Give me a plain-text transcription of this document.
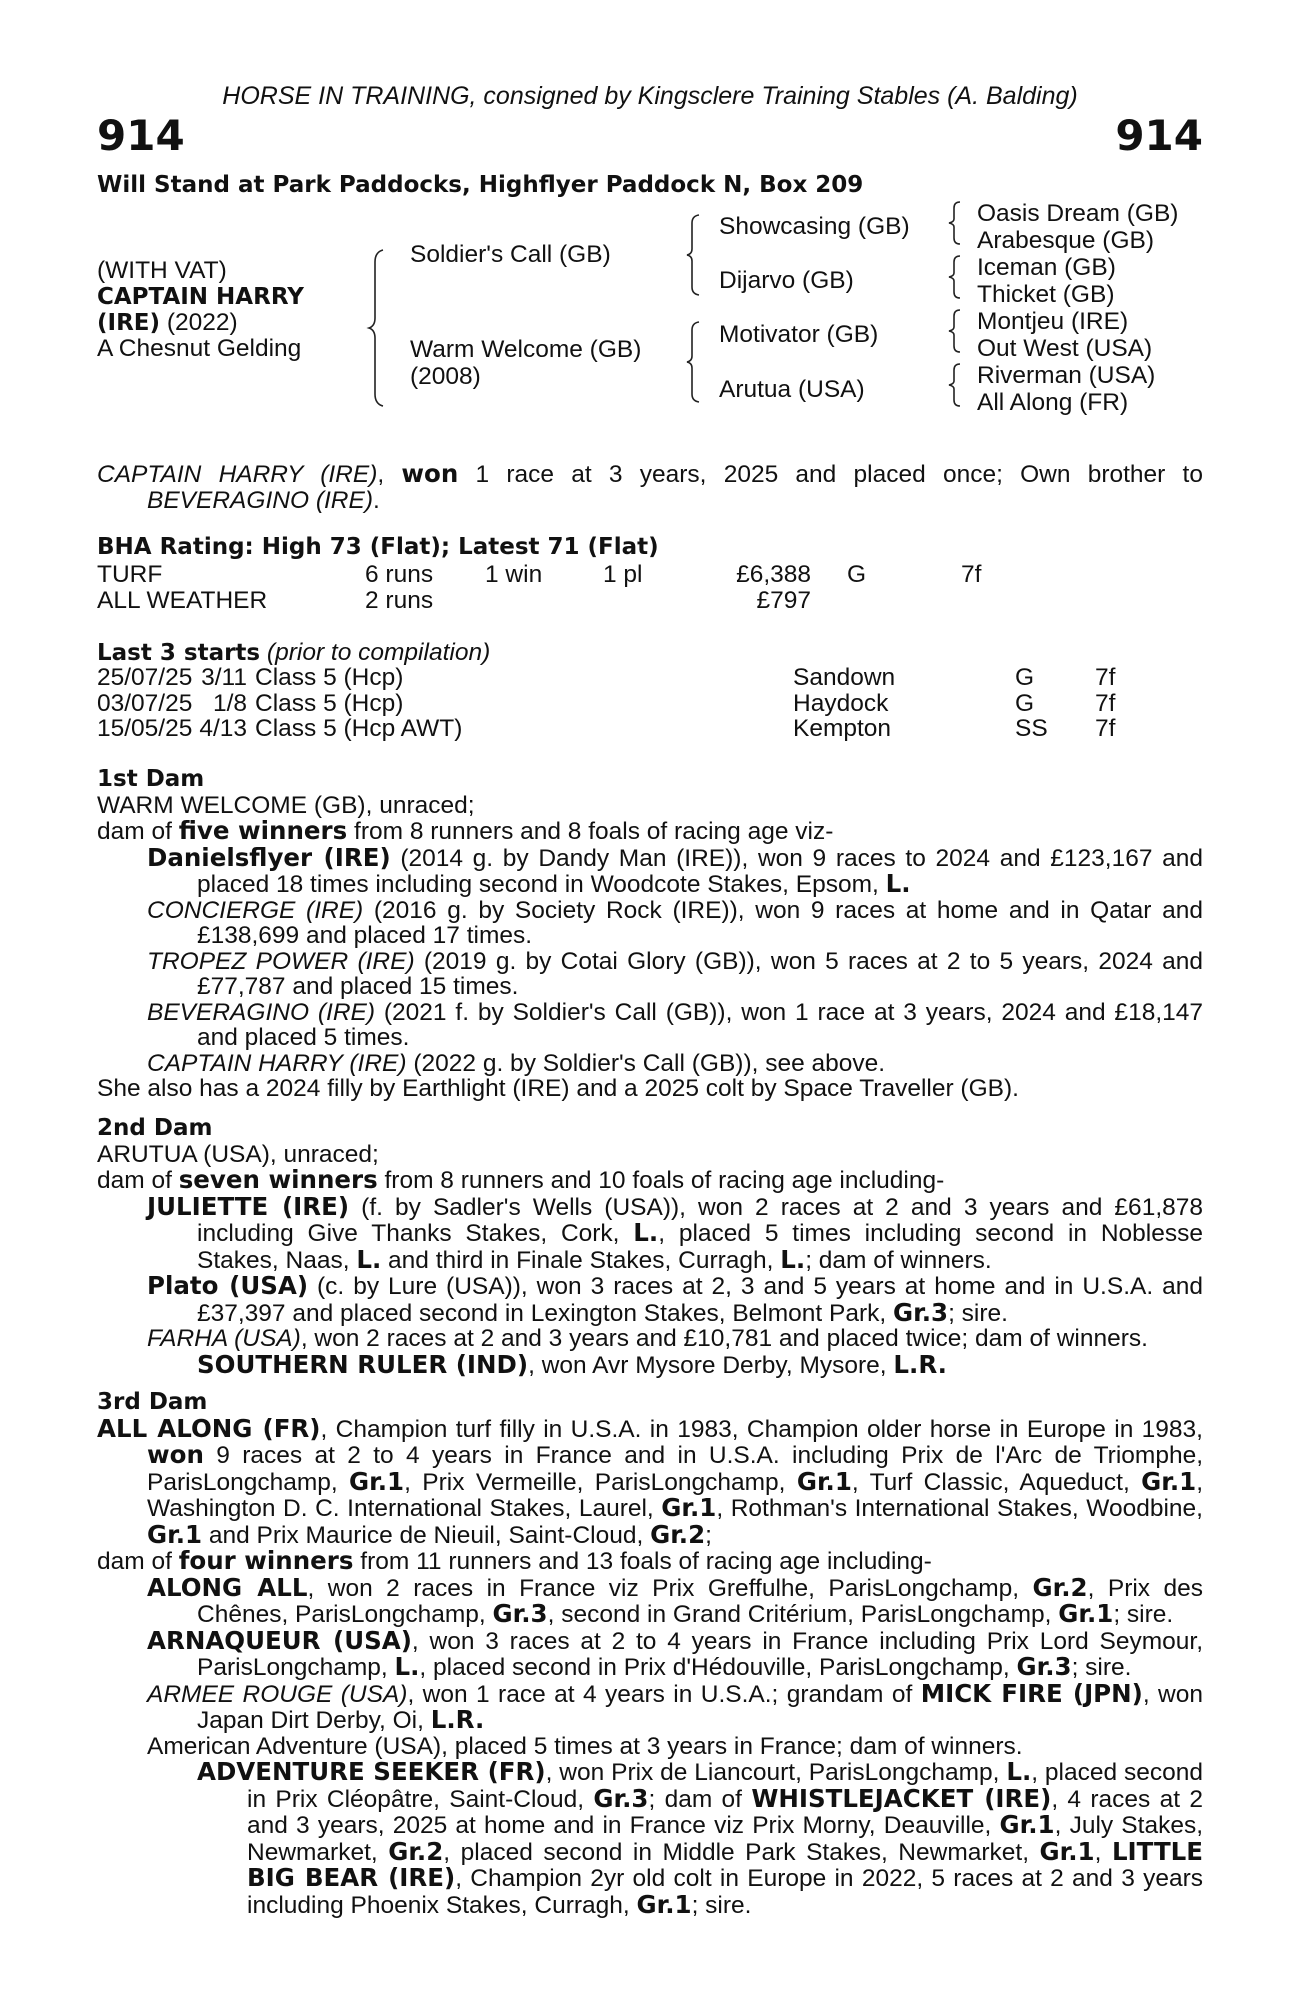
HORSE IN TRAINING, consigned by Kingsclere Training Stables (A. Balding)
914	914
Will Stand at Park Paddocks, Highflyer Paddock N, Box 209
(WITH VAT)
CAPTAIN HARRY
(IRE) (2022)
A Chesnut Gelding
Soldier's Call (GB)
Warm Welcome (GB)
(2008)
Showcasing (GB)
Dijarvo (GB)
Motivator (GB)
Arutua (USA)
Oasis Dream (GB)
Arabesque (GB)
Iceman (GB)
Thicket (GB)
Montjeu (IRE)
Out West (USA)
Riverman (USA)
All Along (FR)
CAPTAIN HARRY (IRE), won 1 race at 3 years, 2025 and placed once; Own brother to
BEVERAGINO (IRE).
BHA Rating: High 73 (Flat); Latest 71 (Flat)
TURF	6 runs	1 win	1 pl	£6,388	G	7f
ALL WEATHER	2 runs			£797		
Last 3 starts (prior to compilation)
25/07/25	3/11	Class 5 (Hcp)	Sandown	G	7f
03/07/25	1/8	Class 5 (Hcp)	Haydock	G	7f
15/05/25	4/13	Class 5 (Hcp AWT)	Kempton	SS	7f
1st Dam
WARM WELCOME (GB), unraced;
dam of five winners from 8 runners and 8 foals of racing age viz-
Danielsflyer (IRE) (2014 g. by Dandy Man (IRE)), won 9 races to 2024 and £123,167 and placed 18 times including second in Woodcote Stakes, Epsom, L.
CONCIERGE (IRE) (2016 g. by Society Rock (IRE)), won 9 races at home and in Qatar and £138,699 and placed 17 times.
TROPEZ POWER (IRE) (2019 g. by Cotai Glory (GB)), won 5 races at 2 to 5 years, 2024 and £77,787 and placed 15 times.
BEVERAGINO (IRE) (2021 f. by Soldier's Call (GB)), won 1 race at 3 years, 2024 and £18,147 and placed 5 times.
CAPTAIN HARRY (IRE) (2022 g. by Soldier's Call (GB)), see above.
She also has a 2024 filly by Earthlight (IRE) and a 2025 colt by Space Traveller (GB).
2nd Dam
ARUTUA (USA), unraced;
dam of seven winners from 8 runners and 10 foals of racing age including-
JULIETTE (IRE) (f. by Sadler's Wells (USA)), won 2 races at 2 and 3 years and £61,878 including Give Thanks Stakes, Cork, L., placed 5 times including second in Noblesse Stakes, Naas, L. and third in Finale Stakes, Curragh, L.; dam of winners.
Plato (USA) (c. by Lure (USA)), won 3 races at 2, 3 and 5 years at home and in U.S.A. and £37,397 and placed second in Lexington Stakes, Belmont Park, Gr.3; sire.
FARHA (USA), won 2 races at 2 and 3 years and £10,781 and placed twice; dam of winners.
SOUTHERN RULER (IND), won Avr Mysore Derby, Mysore, L.R.
3rd Dam
ALL ALONG (FR), Champion turf filly in U.S.A. in 1983, Champion older horse in Europe in 1983, won 9 races at 2 to 4 years in France and in U.S.A. including Prix de l'Arc de Triomphe, ParisLongchamp, Gr.1, Prix Vermeille, ParisLongchamp, Gr.1, Turf Classic, Aqueduct, Gr.1, Washington D. C. International Stakes, Laurel, Gr.1, Rothman's International Stakes, Woodbine, Gr.1 and Prix Maurice de Nieuil, Saint-Cloud, Gr.2;
dam of four winners from 11 runners and 13 foals of racing age including-
ALONG ALL, won 2 races in France viz Prix Greffulhe, ParisLongchamp, Gr.2, Prix des Chênes, ParisLongchamp, Gr.3, second in Grand Critérium, ParisLongchamp, Gr.1; sire.
ARNAQUEUR (USA), won 3 races at 2 to 4 years in France including Prix Lord Seymour, ParisLongchamp, L., placed second in Prix d'Hédouville, ParisLongchamp, Gr.3; sire.
ARMEE ROUGE (USA), won 1 race at 4 years in U.S.A.; grandam of MICK FIRE (JPN), won Japan Dirt Derby, Oi, L.R.
American Adventure (USA), placed 5 times at 3 years in France; dam of winners.
ADVENTURE SEEKER (FR), won Prix de Liancourt, ParisLongchamp, L., placed second in Prix Cléopâtre, Saint-Cloud, Gr.3; dam of WHISTLEJACKET (IRE), 4 races at 2 and 3 years, 2025 at home and in France viz Prix Morny, Deauville, Gr.1, July Stakes, Newmarket, Gr.2, placed second in Middle Park Stakes, Newmarket, Gr.1, LITTLE BIG BEAR (IRE), Champion 2yr old colt in Europe in 2022, 5 races at 2 and 3 years including Phoenix Stakes, Curragh, Gr.1; sire.
